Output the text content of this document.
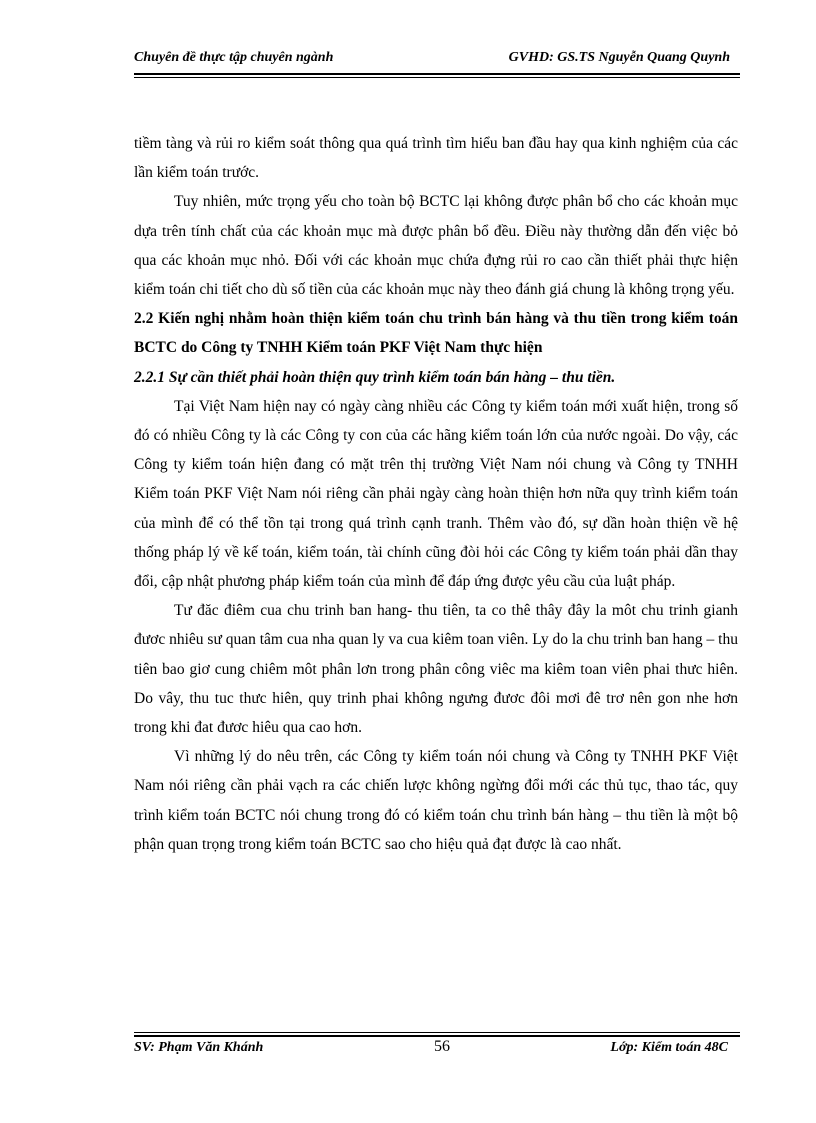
Chuyên đề thực tập chuyên ngành	GVHD: GS.TS Nguyễn Quang Quynh

tiềm tàng và rủi ro kiểm soát thông qua quá trình tìm hiểu ban đầu hay qua kinh nghiệm của các lần kiểm toán trước.

Tuy nhiên, mức trọng yếu cho toàn bộ BCTC lại không được phân bổ cho các khoản mục dựa trên tính chất của các khoản mục mà được phân bổ đều. Điều này thường dẫn đến việc bỏ qua các khoản mục nhỏ. Đối với các khoản mục chứa đựng rủi ro cao cần thiết phải thực hiện kiểm toán chi tiết cho dù số tiền của các khoản mục này theo đánh giá chung là không trọng yếu.

2.2 Kiến nghị nhằm hoàn thiện kiểm toán chu trình bán hàng và thu tiền trong kiểm toán BCTC do Công ty TNHH Kiểm toán PKF Việt Nam thực hiện

2.2.1 Sự cần thiết phải hoàn thiện quy trình kiểm toán bán hàng – thu tiền.

Tại Việt Nam hiện nay có ngày càng nhiều các Công ty kiểm toán mới xuất hiện, trong số đó có nhiều Công ty là các Công ty con của các hãng kiểm toán lớn của nước ngoài. Do vậy, các Công ty kiểm toán hiện đang có mặt trên thị trường Việt Nam nói chung và Công ty TNHH Kiểm toán PKF Việt Nam nói riêng cần phải ngày càng hoàn thiện hơn nữa quy trình kiểm toán của mình để có thể tồn tại trong quá trình cạnh tranh. Thêm vào đó, sự dần hoàn thiện về hệ thống pháp lý về kế toán, kiểm toán, tài chính cũng đòi hỏi các Công ty kiểm toán phải dần thay đổi, cập nhật phương pháp kiểm toán của mình để đáp ứng được yêu cầu của luật pháp.

Tư đăc điêm cua chu trinh ban hang- thu tiên, ta co thê thây đây la môt chu trinh gianh đươc nhiêu sư quan tâm cua nha quan ly va cua kiêm toan viên. Ly do la chu trinh ban hang – thu tiên bao giơ cung chiêm môt phân lơn trong phân công viêc ma kiêm toan viên phai thưc hiên. Do vây, thu tuc thưc hiên, quy trinh phai không ngưng đươc đôi mơi đê trơ nên gon nhe hơn trong khi đat đươc hiêu qua cao hơn.

Vì những lý do nêu trên, các Công ty kiểm toán nói chung và Công ty TNHH PKF Việt Nam nói riêng cần phải vạch ra các chiến lược không ngừng đổi mới các thủ tục, thao tác, quy trình kiểm toán BCTC nói chung trong đó có kiểm toán chu trình bán hàng – thu tiền là một bộ phận quan trọng trong kiểm toán BCTC sao cho hiệu quả đạt được là cao nhất.

SV: Phạm Văn Khánh	56	Lớp: Kiểm toán 48C
